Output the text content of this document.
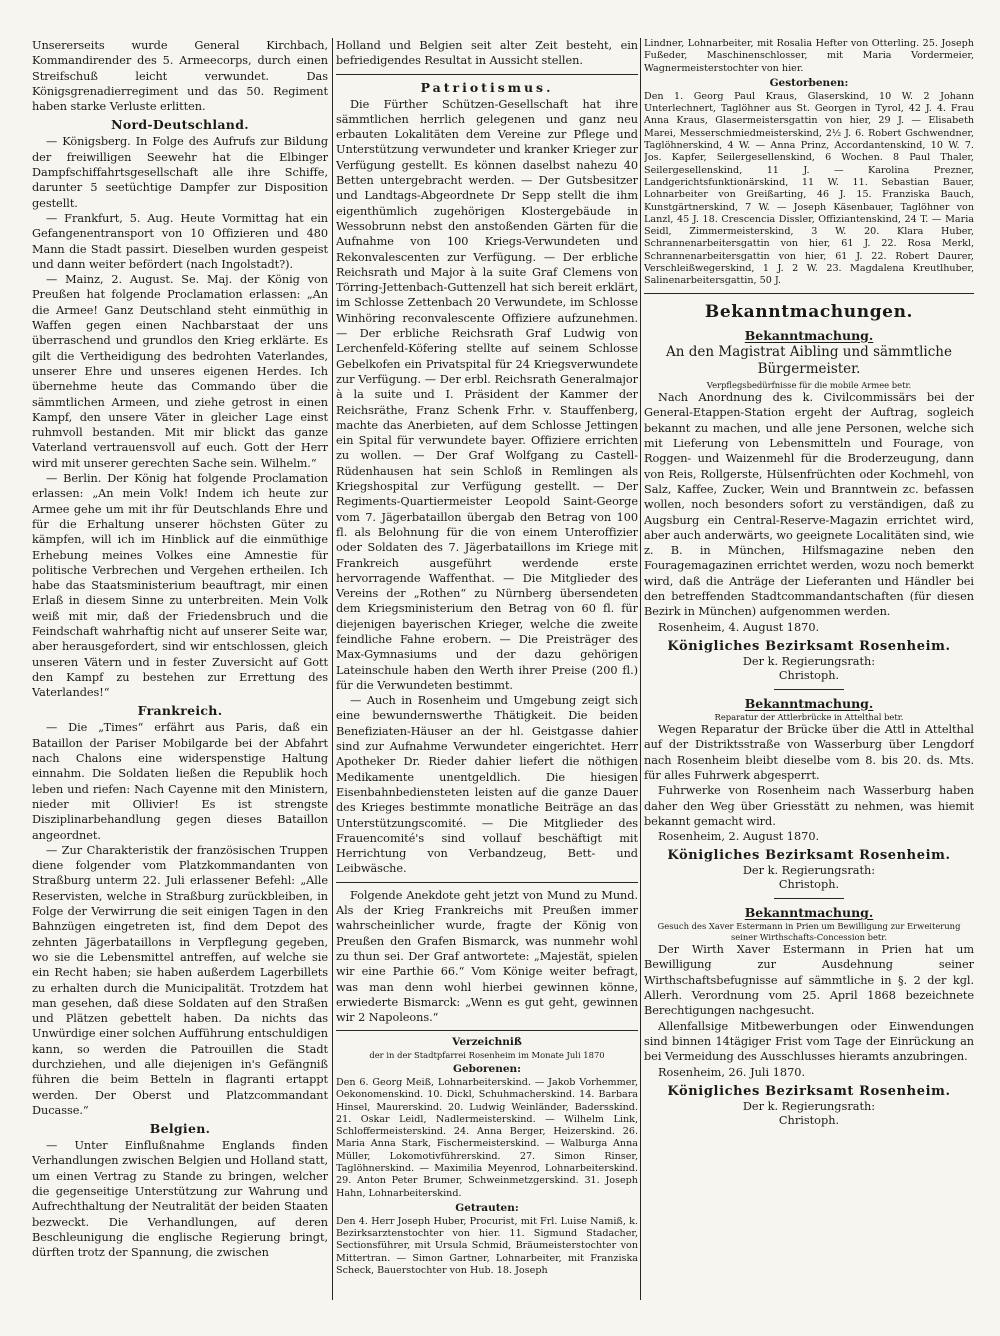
Unsererseits wurde General Kirchbach, Kommandirender des 5. Armeecorps, durch einen Streifschuß leicht verwundet. Das Königsgrenadierregiment und das 50. Regiment haben starke Verluste erlitten.

Nord-Deutschland.

— Königsberg. In Folge des Aufrufs zur Bildung der freiwilligen Seewehr hat die Elbinger Dampfschiffahrtsgesellschaft alle ihre Schiffe, darunter 5 seetüchtige Dampfer zur Disposition gestellt.

— Frankfurt, 5. Aug. Heute Vormittag hat ein Gefangenentransport von 10 Offizieren und 480 Mann die Stadt passirt. Dieselben wurden gespeist und dann weiter befördert (nach Ingolstadt?).

— Mainz, 2. August. Se. Maj. der König von Preußen hat folgende Proclamation erlassen: „An die Armee! Ganz Deutschland steht einmüthig in Waffen gegen einen Nachbarstaat der uns überraschend und grundlos den Krieg erklärte. Es gilt die Vertheidigung des bedrohten Vaterlandes, unserer Ehre und unseres eigenen Herdes. Ich übernehme heute das Commando über die sämmtlichen Armeen, und ziehe getrost in einen Kampf, den unsere Väter in gleicher Lage einst ruhmvoll bestanden. Mit mir blickt das ganze Vaterland vertrauensvoll auf euch. Gott der Herr wird mit unserer gerechten Sache sein. Wilhelm.“

— Berlin. Der König hat folgende Proclamation erlassen: „An mein Volk! Indem ich heute zur Armee gehe um mit ihr für Deutschlands Ehre und für die Erhaltung unserer höchsten Güter zu kämpfen, will ich im Hinblick auf die einmüthige Erhebung meines Volkes eine Amnestie für politische Verbrechen und Vergehen ertheilen. Ich habe das Staatsministerium beauftragt, mir einen Erlaß in diesem Sinne zu unterbreiten. Mein Volk weiß mit mir, daß der Friedensbruch und die Feindschaft wahrhaftig nicht auf unserer Seite war, aber herausgefordert, sind wir entschlossen, gleich unseren Vätern und in fester Zuversicht auf Gott den Kampf zu bestehen zur Errettung des Vaterlandes!“

Frankreich.

— Die „Times“ erfährt aus Paris, daß ein Bataillon der Pariser Mobilgarde bei der Abfahrt nach Chalons eine widerspenstige Haltung einnahm. Die Soldaten ließen die Republik hoch leben und riefen: Nach Cayenne mit den Ministern, nieder mit Ollivier! Es ist strengste Disziplinarbehandlung gegen dieses Bataillon angeordnet.

— Zur Charakteristik der französischen Truppen diene folgender vom Platzkommandanten von Straßburg unterm 22. Juli erlassener Befehl: „Alle Reservisten, welche in Straßburg zurückbleiben, in Folge der Verwirrung die seit einigen Tagen in den Bahnzügen eingetreten ist, find dem Depot des zehnten Jägerbataillons in Verpflegung gegeben, wo sie die Lebensmittel antreffen, auf welche sie ein Recht haben; sie haben außerdem Lagerbillets zu erhalten durch die Municipalität. Trotzdem hat man gesehen, daß diese Soldaten auf den Straßen und Plätzen gebettelt haben. Da nichts das Unwürdige einer solchen Aufführung entschuldigen kann, so werden die Patrouillen die Stadt durchziehen, und alle diejenigen in's Gefängniß führen die beim Betteln in flagranti ertappt werden. Der Oberst und Platzcommandant Ducasse.“

Belgien.

— Unter Einflußnahme Englands finden Verhandlungen zwischen Belgien und Holland statt, um einen Vertrag zu Stande zu bringen, welcher die gegenseitige Unterstützung zur Wahrung und Aufrechthaltung der Neutralität der beiden Staaten bezweckt. Die Verhandlungen, auf deren Beschleunigung die englische Regierung bringt, dürften trotz der Spannung, die zwischen

Holland und Belgien seit alter Zeit besteht, ein befriedigendes Resultat in Aussicht stellen.

Patriotismus.

Die Fürther Schützen-Gesellschaft hat ihre sämmtlichen herrlich gelegenen und ganz neu erbauten Lokalitäten dem Vereine zur Pflege und Unterstützung verwundeter und kranker Krieger zur Verfügung gestellt. Es können daselbst nahezu 40 Betten untergebracht werden. — Der Gutsbesitzer und Landtags-Abgeordnete Dr Sepp stellt die ihm eigenthümlich zugehörigen Klostergebäude in Wessobrunn nebst den anstoßenden Gärten für die Aufnahme von 100 Kriegs-Verwundeten und Rekonvalescenten zur Verfügung. — Der erbliche Reichsrath und Major à la suite Graf Clemens von Törring-Jettenbach-Guttenzell hat sich bereit erklärt, im Schlosse Zettenbach 20 Verwundete, im Schlosse Winhöring reconvalescente Offiziere aufzunehmen. — Der erbliche Reichsrath Graf Ludwig von Lerchenfeld-Köfering stellte auf seinem Schlosse Gebelkofen ein Privatspital für 24 Kriegsverwundete zur Verfügung. — Der erbl. Reichsrath Generalmajor à la suite und I. Präsident der Kammer der Reichsräthe, Franz Schenk Frhr. v. Stauffenberg, machte das Anerbieten, auf dem Schlosse Jettingen ein Spital für verwundete bayer. Offiziere errichten zu wollen. — Der Graf Wolfgang zu Castell-Rüdenhausen hat sein Schloß in Remlingen als Kriegshospital zur Verfügung gestellt. — Der Regiments-Quartiermeister Leopold Saint-George vom 7. Jägerbataillon übergab den Betrag von 100 fl. als Belohnung für die von einem Unteroffizier oder Soldaten des 7. Jägerbataillons im Kriege mit Frankreich ausgeführt werdende erste hervorragende Waffenthat. — Die Mitglieder des Vereins der „Rothen“ zu Nürnberg übersendeten dem Kriegsministerium den Betrag von 60 fl. für diejenigen bayerischen Krieger, welche die zweite feindliche Fahne erobern. — Die Preisträger des Max-Gymnasiums und der dazu gehörigen Lateinschule haben den Werth ihrer Preise (200 fl.) für die Verwundeten bestimmt.

— Auch in Rosenheim und Umgebung zeigt sich eine bewundernswerthe Thätigkeit. Die beiden Benefiziaten-Häuser an der hl. Geistgasse dahier sind zur Aufnahme Verwundeter eingerichtet. Herr Apotheker Dr. Rieder dahier liefert die nöthigen Medikamente unentgeldlich. Die hiesigen Eisenbahnbediensteten leisten auf die ganze Dauer des Krieges bestimmte monatliche Beiträge an das Unterstützungscomité. — Die Mitglieder des Frauencomité's sind vollauf beschäftigt mit Herrichtung von Verbandzeug, Bett- und Leibwäsche.

Folgende Anekdote geht jetzt von Mund zu Mund. Als der Krieg Frankreichs mit Preußen immer wahrscheinlicher wurde, fragte der König von Preußen den Grafen Bismarck, was nunmehr wohl zu thun sei. Der Graf antwortete: „Majestät, spielen wir eine Parthie 66.“ Vom Könige weiter befragt, was man denn wohl hierbei gewinnen könne, erwiederte Bismarck: „Wenn es gut geht, gewinnen wir 2 Napoleons.“

Verzeichniß
der in der Stadtpfarrei Rosenheim im Monate Juli 1870
Geborenen:
Den 6. Georg Meiß, Lohnarbeiterskind. — Jakob Vorhemmer, Oekonomenskind. 10. Dickl, Schuhmacherskind. 14. Barbara Hinsel, Maurerskind. 20. Ludwig Weinländer, Badersskind. 21. Oskar Leidl, Nadlermeisterskind. — Wilhelm Link, Schloffermeisterskind. 24. Anna Berger, Heizerskind. 26. Maria Anna Stark, Fischermeisterskind. — Walburga Anna Müller, Lokomotivführerskind. 27. Simon Rinser, Taglöhnerskind. — Maximilia Meyenrod, Lohnarbeiterskind. 29. Anton Peter Brumer, Schweinmetzgerskind. 31. Joseph Hahn, Lohnarbeiterskind.
Getrauten:
Den 4. Herr Joseph Huber, Procurist, mit Frl. Luise Namiß, k. Bezirksarztenstochter von hier. 11. Sigmund Stadacher, Sectionsführer, mit Ursula Schmid, Bräumeisterstochter von Mittertran. — Simon Gartner, Lohnarbeiter, mit Franziska Scheck, Bauerstochter von Hub. 18. Joseph
Lindner, Lohnarbeiter, mit Rosalia Hefter von Otterling. 25. Joseph Fußeder, Maschinenschlosser, mit Maria Vordermeier, Wagnermeisterstochter von hier.
Gestorbenen:
Den 1. Georg Paul Kraus, Glaserskind, 10 W. 2 Johann Unterlechnert, Taglöhner aus St. Georgen in Tyrol, 42 J. 4. Frau Anna Kraus, Glasermeistersgattin von hier, 29 J. — Elisabeth Marei, Messerschmiedmeisterskind, 2½ J. 6. Robert Gschwendner, Taglöhnerskind, 4 W. — Anna Prinz, Accordantenskind, 10 W. 7. Jos. Kapfer, Seilergesellenskind, 6 Wochen. 8 Paul Thaler, Seilergesellenskind, 11 J. — Karolina Prezner, Landgerichtsfunktionärskind, 11 W. 11. Sebastian Bauer, Lohnarbeiter von Greißarting, 46 J. 15. Franziska Bauch, Kunstgärtnerskind, 7 W. — Joseph Käsenbauer, Taglöhner von Lanzl, 45 J. 18. Crescencia Dissler, Offiziantenskind, 24 T. — Maria Seidl, Zimmermeisterskind, 3 W. 20. Klara Huber, Schrannenarbeitersgattin von hier, 61 J. 22. Rosa Merkl, Schrannenarbeitersgattin von hier, 61 J. 22. Robert Daurer, Verschleißwegerskind, 1 J. 2 W. 23. Magdalena Kreutlhuber, Salinenarbeitersgattin, 50 J.
Bekanntmachungen.
Bekanntmachung.
An den Magistrat Aibling und sämmtliche Bürgermeister.
Verpflegsbedürfnisse für die mobile Armee betr.

Nach Anordnung des k. Civilcommissärs bei der General-Etappen-Station ergeht der Auftrag, sogleich bekannt zu machen, und alle jene Personen, welche sich mit Lieferung von Lebensmitteln und Fourage, von Roggen- und Waizenmehl für die Broderzeugung, dann von Reis, Rollgerste, Hülsenfrüchten oder Kochmehl, von Salz, Kaffee, Zucker, Wein und Branntwein zc. befassen wollen, noch besonders sofort zu verständigen, daß zu Augsburg ein Central-Reserve-Magazin errichtet wird, aber auch anderwärts, wo geeignete Localitäten sind, wie z. B. in München, Hilfsmagazine neben den Fouragemagazinen errichtet werden, wozu noch bemerkt wird, daß die Anträge der Lieferanten und Händler bei den betreffenden Stadtcommandantschaften (für diesen Bezirk in München) aufgenommen werden.

Rosenheim, 4. August 1870.
Königliches Bezirksamt Rosenheim.
Der k. Regierungsrath:
Christoph.
Bekanntmachung.
Reparatur der Attlerbrücke in Attelthal betr.

Wegen Reparatur der Brücke über die Attl in Attelthal auf der Distriktsstraße von Wasserburg über Lengdorf nach Rosenheim bleibt dieselbe vom 8. bis 20. ds. Mts. für alles Fuhrwerk abgesperrt.

Fuhrwerke von Rosenheim nach Wasserburg haben daher den Weg über Griesstätt zu nehmen, was hiemit bekannt gemacht wird.

Rosenheim, 2. August 1870.
Königliches Bezirksamt Rosenheim.
Der k. Regierungsrath:
Christoph.
Bekanntmachung.
Gesuch des Xaver Estermann in Prien um Bewilligung zur Erweiterung seiner Wirthschafts-Concession betr.

Der Wirth Xaver Estermann in Prien hat um Bewilligung zur Ausdehnung seiner Wirthschaftsbefugnisse auf sämmtliche in §. 2 der kgl. Allerh. Verordnung vom 25. April 1868 bezeichnete Berechtigungen nachgesucht.

Allenfallsige Mitbewerbungen oder Einwendungen sind binnen 14tägiger Frist vom Tage der Einrückung an bei Vermeidung des Ausschlusses hieramts anzubringen.

Rosenheim, 26. Juli 1870.
Königliches Bezirksamt Rosenheim.
Der k. Regierungsrath:
Christoph.
